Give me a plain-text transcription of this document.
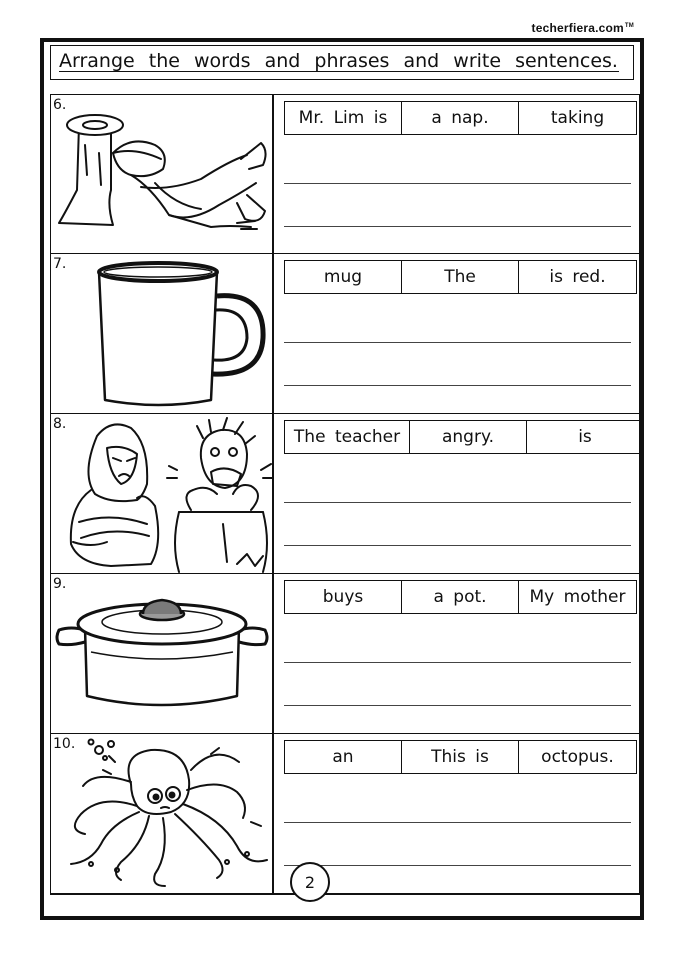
techerfiera.com™
Arrange the words and phrases and write sentences.
6.
Mr. Lim is	a nap.	taking
7.
mug	The	is red.
8.
The teacher	angry.	is
9.
buys	a pot.	My mother
10.
an	This is	octopus.
2
